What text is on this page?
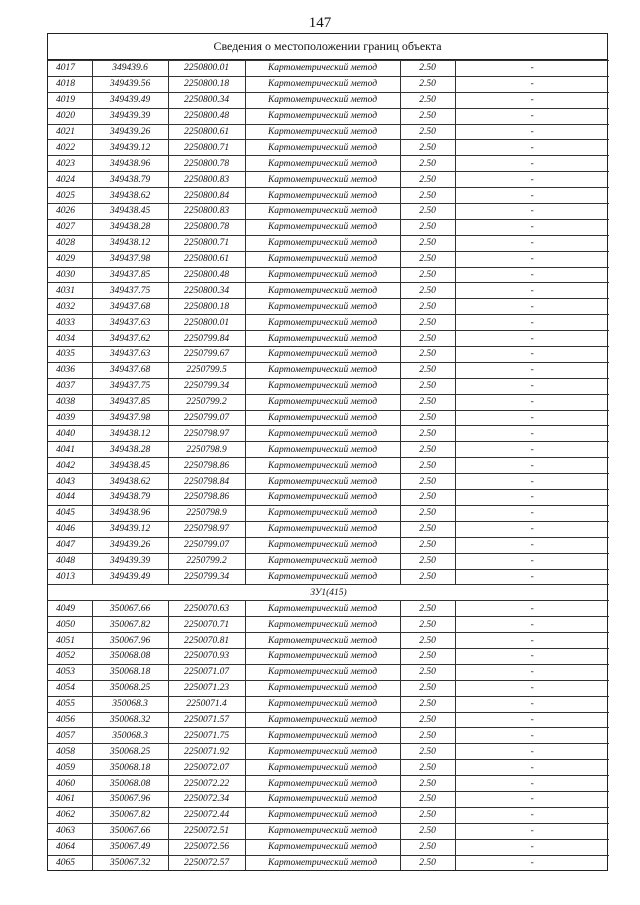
147
Сведения о местоположении границ объекта
4017	349439.6	2250800.01	Картометрический метод	2.50	-
4018	349439.56	2250800.18	Картометрический метод	2.50	-
4019	349439.49	2250800.34	Картометрический метод	2.50	-
4020	349439.39	2250800.48	Картометрический метод	2.50	-
4021	349439.26	2250800.61	Картометрический метод	2.50	-
4022	349439.12	2250800.71	Картометрический метод	2.50	-
4023	349438.96	2250800.78	Картометрический метод	2.50	-
4024	349438.79	2250800.83	Картометрический метод	2.50	-
4025	349438.62	2250800.84	Картометрический метод	2.50	-
4026	349438.45	2250800.83	Картометрический метод	2.50	-
4027	349438.28	2250800.78	Картометрический метод	2.50	-
4028	349438.12	2250800.71	Картометрический метод	2.50	-
4029	349437.98	2250800.61	Картометрический метод	2.50	-
4030	349437.85	2250800.48	Картометрический метод	2.50	-
4031	349437.75	2250800.34	Картометрический метод	2.50	-
4032	349437.68	2250800.18	Картометрический метод	2.50	-
4033	349437.63	2250800.01	Картометрический метод	2.50	-
4034	349437.62	2250799.84	Картометрический метод	2.50	-
4035	349437.63	2250799.67	Картометрический метод	2.50	-
4036	349437.68	2250799.5	Картометрический метод	2.50	-
4037	349437.75	2250799.34	Картометрический метод	2.50	-
4038	349437.85	2250799.2	Картометрический метод	2.50	-
4039	349437.98	2250799.07	Картометрический метод	2.50	-
4040	349438.12	2250798.97	Картометрический метод	2.50	-
4041	349438.28	2250798.9	Картометрический метод	2.50	-
4042	349438.45	2250798.86	Картометрический метод	2.50	-
4043	349438.62	2250798.84	Картометрический метод	2.50	-
4044	349438.79	2250798.86	Картометрический метод	2.50	-
4045	349438.96	2250798.9	Картометрический метод	2.50	-
4046	349439.12	2250798.97	Картометрический метод	2.50	-
4047	349439.26	2250799.07	Картометрический метод	2.50	-
4048	349439.39	2250799.2	Картометрический метод	2.50	-
4013	349439.49	2250799.34	Картометрический метод	2.50	-
ЗУ1(415)					
4049	350067.66	2250070.63	Картометрический метод	2.50	-
4050	350067.82	2250070.71	Картометрический метод	2.50	-
4051	350067.96	2250070.81	Картометрический метод	2.50	-
4052	350068.08	2250070.93	Картометрический метод	2.50	-
4053	350068.18	2250071.07	Картометрический метод	2.50	-
4054	350068.25	2250071.23	Картометрический метод	2.50	-
4055	350068.3	2250071.4	Картометрический метод	2.50	-
4056	350068.32	2250071.57	Картометрический метод	2.50	-
4057	350068.3	2250071.75	Картометрический метод	2.50	-
4058	350068.25	2250071.92	Картометрический метод	2.50	-
4059	350068.18	2250072.07	Картометрический метод	2.50	-
4060	350068.08	2250072.22	Картометрический метод	2.50	-
4061	350067.96	2250072.34	Картометрический метод	2.50	-
4062	350067.82	2250072.44	Картометрический метод	2.50	-
4063	350067.66	2250072.51	Картометрический метод	2.50	-
4064	350067.49	2250072.56	Картометрический метод	2.50	-
4065	350067.32	2250072.57	Картометрический метод	2.50	-
